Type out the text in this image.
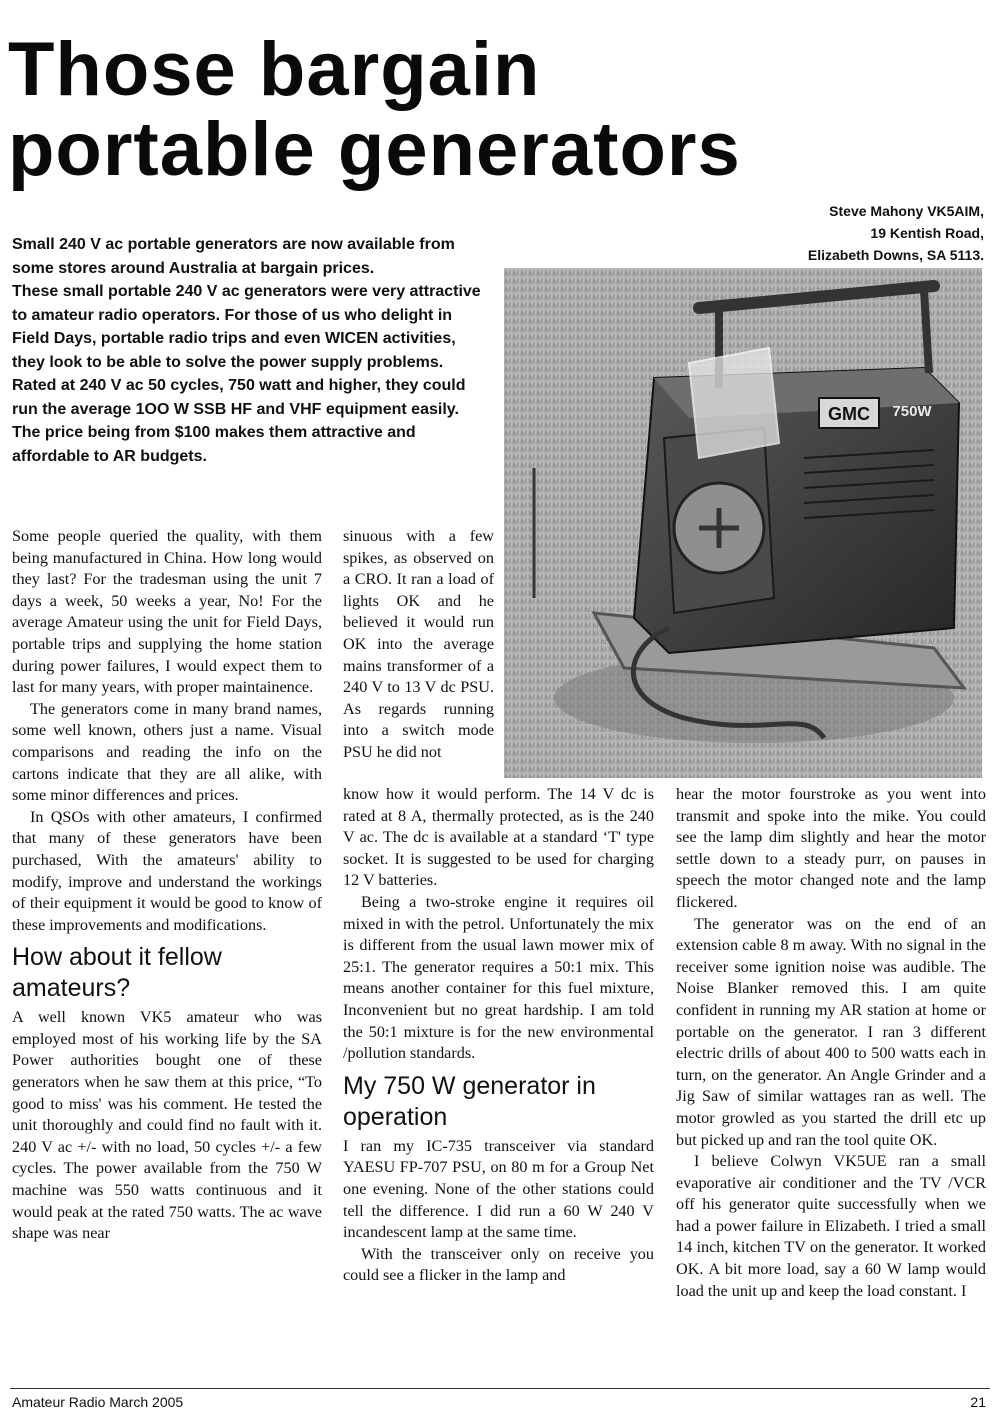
Those bargain
portable generators
Steve Mahony VK5AIM,
19 Kentish Road,
Elizabeth Downs, SA 5113.

Small 240 V ac portable generators are now available from some stores around Australia at bargain prices.

These small portable 240 V ac generators were very attractive to amateur radio operators. For those of us who delight in Field Days, portable radio trips and even WICEN activities, they look to be able to solve the power supply problems. Rated at 240 V ac 50 cycles, 750 watt and higher, they could run the average 1OO W SSB HF and VHF equipment easily. The price being from $100 makes them attractive and affordable to AR budgets.

GMC 750W

Some people queried the quality, with them being manufactured in China. How long would they last? For the tradesman using the unit 7 days a week, 50 weeks a year, No! For the average Amateur using the unit for Field Days, portable trips and supplying the home station during power failures, I would expect them to last for many years, with proper maintainence.

The generators come in many brand names, some well known, others just a name. Visual comparisons and reading the info on the cartons indicate that they are all alike, with some minor differences and prices.

In QSOs with other amateurs, I confirmed that many of these generators have been purchased, With the amateurs' ability to modify, improve and understand the workings of their equipment it would be good to know of these improvements and modifications.

How about it fellow amateurs?

A well known VK5 amateur who was employed most of his working life by the SA Power authorities bought one of these generators when he saw them at this price, “To good to miss' was his comment. He tested the unit thoroughly and could find no fault with it. 240 V ac +/- with no load, 50 cycles +/- a few cycles. The power available from the 750 W machine was 550 watts continuous and it would peak at the rated 750 watts. The ac wave shape was near

sinuous with a few spikes, as observed on a CRO. It ran a load of lights OK and he believed it would run OK into the average mains transformer of a 240 V to 13 V dc PSU. As regards running into a switch mode PSU he did not

know how it would perform. The 14 V dc is rated at 8 A, thermally protected, as is the 240 V ac. The dc is available at a standard ‘T' type socket. It is suggested to be used for charging 12 V batteries.

Being a two-stroke engine it requires oil mixed in with the petrol. Unfortunately the mix is different from the usual lawn mower mix of 25:1. The generator requires a 50:1 mix. This means another container for this fuel mixture, Inconvenient but no great hardship. I am told the 50:1 mixture is for the new environmental /pollution standards.

My 750 W generator in operation

I ran my IC-735 transceiver via standard YAESU FP-707 PSU, on 80 m for a Group Net one evening. None of the other stations could tell the difference. I did run a 60 W 240 V incandescent lamp at the same time.

With the transceiver only on receive you could see a flicker in the lamp and

hear the motor fourstroke as you went into transmit and spoke into the mike. You could see the lamp dim slightly and hear the motor settle down to a steady purr, on pauses in speech the motor changed note and the lamp flickered.

The generator was on the end of an extension cable 8 m away. With no signal in the receiver some ignition noise was audible. The Noise Blanker removed this. I am quite confident in running my AR station at home or portable on the generator. I ran 3 different electric drills of about 400 to 500 watts each in turn, on the generator. An Angle Grinder and a Jig Saw of similar wattages ran as well. The motor growled as you started the drill etc up but picked up and ran the tool quite OK.

I believe Colwyn VK5UE ran a small evaporative air conditioner and the TV /VCR off his generator quite successfully when we had a power failure in Elizabeth. I tried a small 14 inch, kitchen TV on the generator. It worked OK. A bit more load, say a 60 W lamp would load the unit up and keep the load constant. I

Amateur Radio March 2005	21
